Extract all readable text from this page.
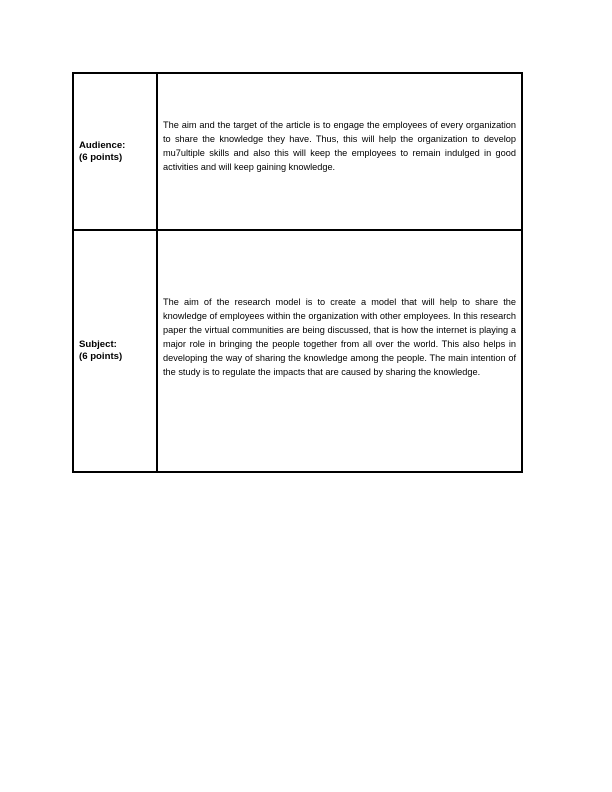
Audience:
(6 points)
The aim and the target of the article is to engage the employees of every organization to share the knowledge they have. Thus, this will help the organization to develop mu7ultiple skills and also this will keep the employees to remain indulged in good activities and will keep gaining knowledge.
Subject:
(6 points)
The aim of the research model is to create a model that will help to share the knowledge of employees within the organization with other employees. In this research paper the virtual communities are being discussed, that is how the internet is playing a major role in bringing the people together from all over the world. This also helps in developing the way of sharing the knowledge among the people. The main intention of the study is to regulate the impacts that are caused by sharing the knowledge.
